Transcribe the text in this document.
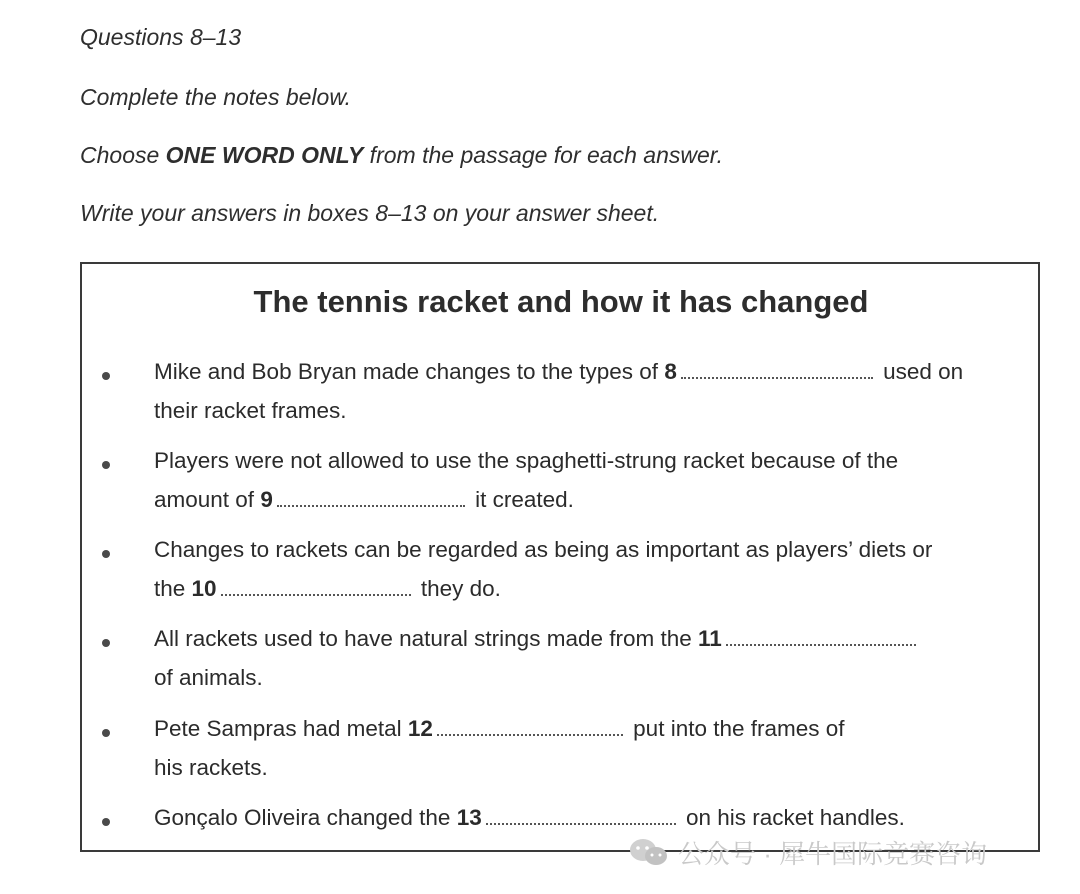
Questions 8–13
Complete the notes below.
Choose ONE WORD ONLY from the passage for each answer.
Write your answers in boxes 8–13 on your answer sheet.
The tennis racket and how it has changed
Mike and Bob Bryan made changes to the types of 8	used on
their racket frames.
Players were not allowed to use the spaghetti-strung racket because of the
amount of 9	it created.
Changes to rackets can be regarded as being as important as players’ diets or
the 10	they do.
All rackets used to have natural strings made from the 11
of animals.
Pete Sampras had metal 12	put into the frames of
his rackets.
Gonçalo Oliveira changed the 13	on his racket handles.
公众号 · 犀牛国际竞赛咨询
